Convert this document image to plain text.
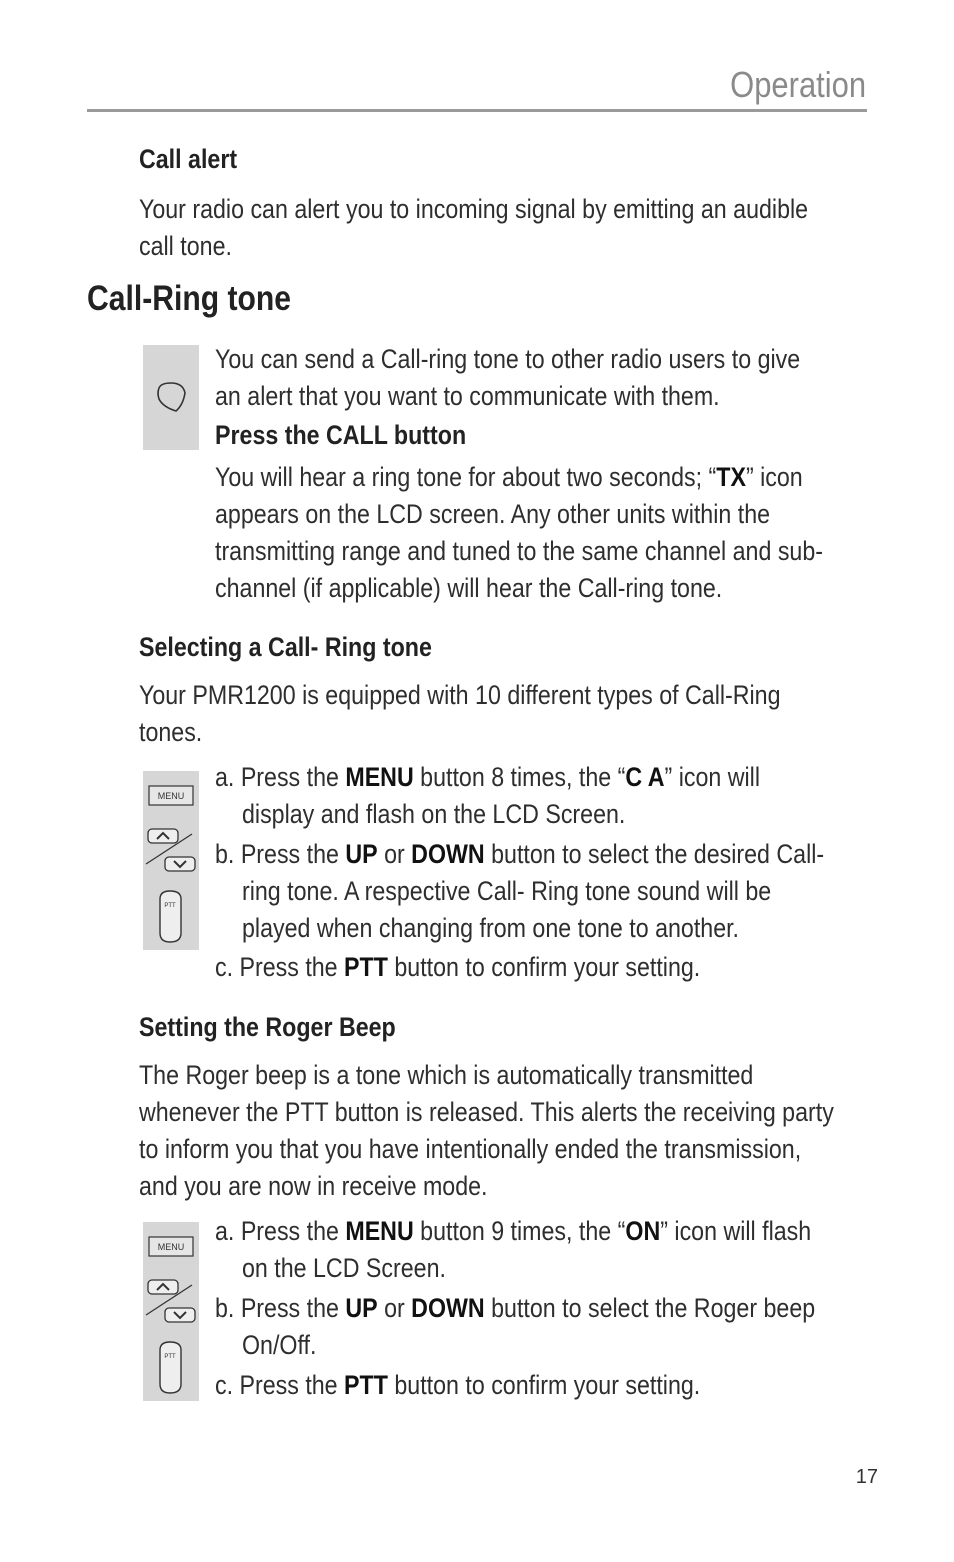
Operation
Call alert
Your radio can alert you to incoming signal by emitting an audible
call tone.
Call-Ring tone
You can send a Call-ring tone to other radio users to give
an alert that you want to communicate with them.
Press the CALL button
You will hear a ring tone for about two seconds; “TX” icon
appears on the LCD screen. Any other units within the
transmitting range and tuned to the same channel and sub-
channel (if applicable) will hear the Call-ring tone.
Selecting a Call- Ring tone
Your PMR1200 is equipped with 10 different types of Call-Ring
tones.
MENU
PTT
a. Press the MENU button 8 times, the “C A” icon will
display and flash on the LCD Screen.
b. Press the UP or DOWN button to select the desired Call-
ring tone. A respective Call- Ring tone sound will be
played when changing from one tone to another.
c. Press the PTT button to confirm your setting.
Setting the Roger Beep
The Roger beep is a tone which is automatically transmitted
whenever the PTT button is released. This alerts the receiving party
to inform you that you have intentionally ended the transmission,
and you are now in receive mode.
MENU
PTT
a. Press the MENU button 9 times, the “ON” icon will flash
on the LCD Screen.
b. Press the UP or DOWN button to select the Roger beep
On/Off.
c. Press the PTT button to confirm your setting.
17
